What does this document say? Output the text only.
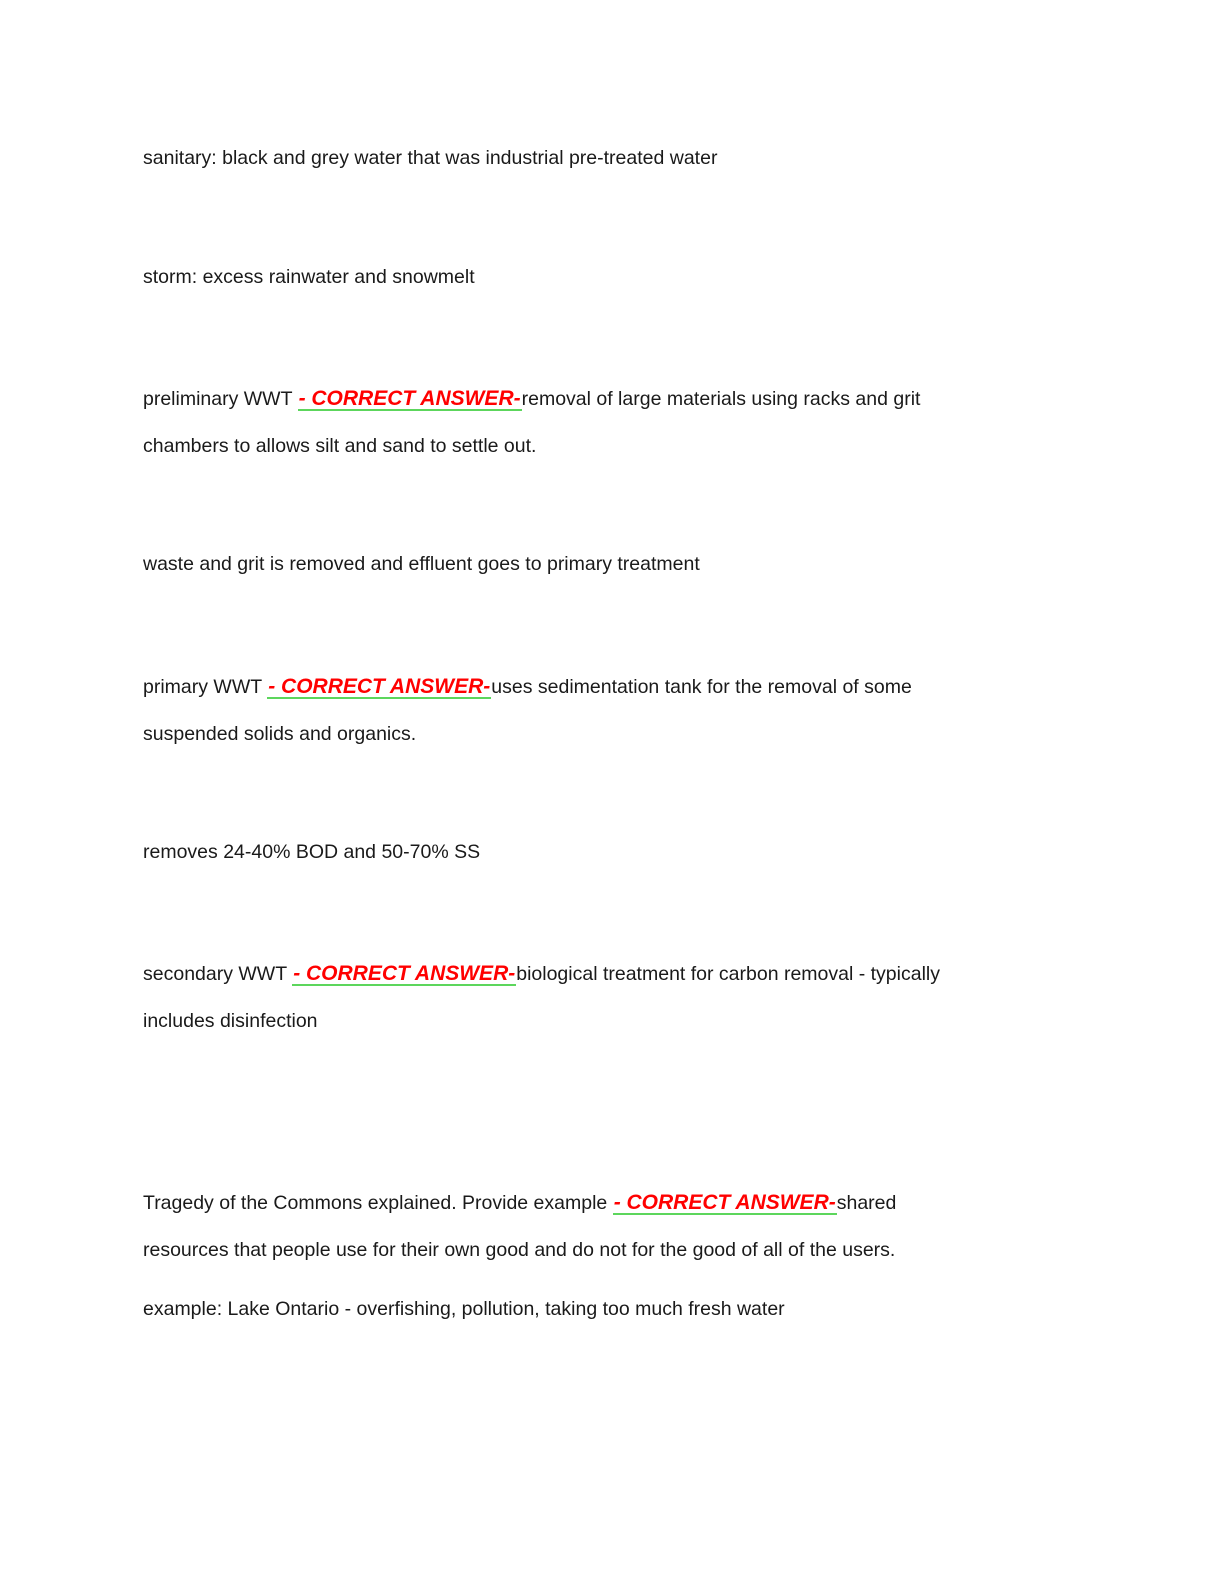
sanitary: black and grey water that was industrial pre-treated water

storm: excess rainwater and snowmelt

preliminary WWT - CORRECT ANSWER-removal of large materials using racks and grit

chambers to allows silt and sand to settle out.

waste and grit is removed and effluent goes to primary treatment

primary WWT - CORRECT ANSWER-uses sedimentation tank for the removal of some

suspended solids and organics.

removes 24-40% BOD and 50-70% SS

secondary WWT - CORRECT ANSWER-biological treatment for carbon removal - typically

includes disinfection

Tragedy of the Commons explained. Provide example - CORRECT ANSWER-shared

resources that people use for their own good and do not for the good of all of the users.

example: Lake Ontario - overfishing, pollution, taking too much fresh water
